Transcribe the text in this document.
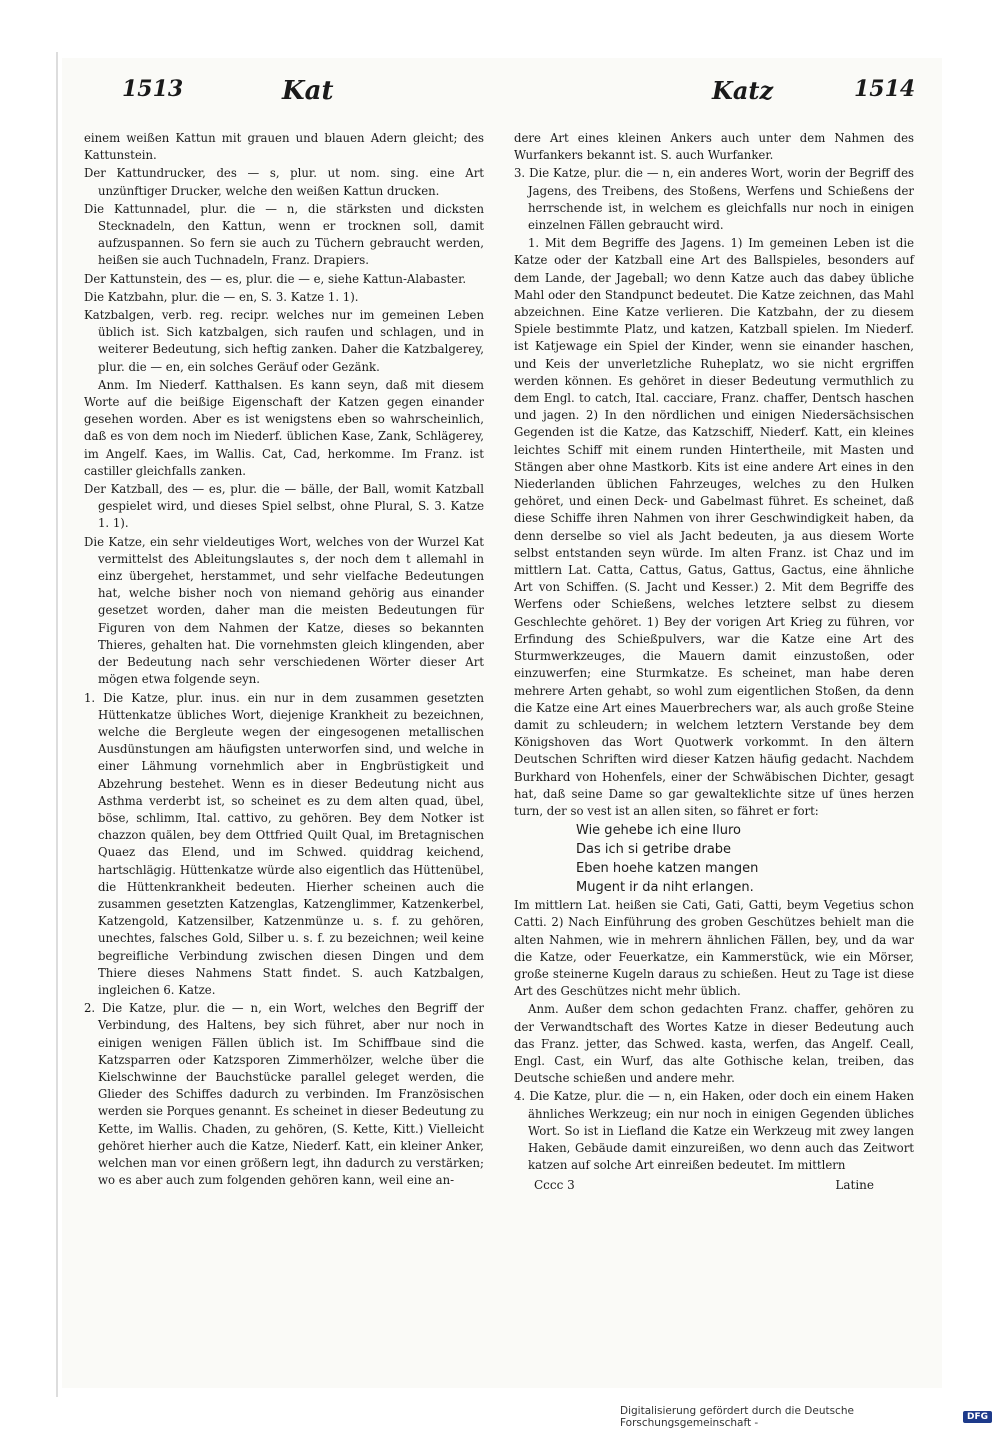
1513	Kat	Katz	1514

einem weißen Kattun mit grauen und blauen Adern gleicht; des Kattunstein.

Der Kattundrucker, des — s, plur. ut nom. sing. eine Art unzünftiger Drucker, welche den weißen Kattun drucken.

Die Kattunnadel, plur. die — n, die stärksten und dicksten Stecknadeln, den Kattun, wenn er trocknen soll, damit aufzuspannen. So fern sie auch zu Tüchern gebraucht werden, heißen sie auch Tuchnadeln, Franz. Drapiers.

Der Kattunstein, des — es, plur. die — e, siehe Kattun-Alabaster.

Die Katzbahn, plur. die — en, S. 3. Katze 1. 1).

Katzbalgen, verb. reg. recipr. welches nur im gemeinen Leben üblich ist. Sich katzbalgen, sich raufen und schlagen, und in weiterer Bedeutung, sich heftig zanken. Daher die Katzbalgerey, plur. die — en, ein solches Geräuf oder Gezänk.

Anm. Im Niederf. Katthalsen. Es kann seyn, daß mit diesem Worte auf die beißige Eigenschaft der Katzen gegen einander gesehen worden. Aber es ist wenigstens eben so wahrscheinlich, daß es von dem noch im Niederf. üblichen Kase, Zank, Schlägerey, im Angelf. Kaes, im Wallis. Cat, Cad, herkomme. Im Franz. ist castiller gleichfalls zanken.

Der Katzball, des — es, plur. die — bälle, der Ball, womit Katzball gespielet wird, und dieses Spiel selbst, ohne Plural, S. 3. Katze 1. 1).

Die Katze, ein sehr vieldeutiges Wort, welches von der Wurzel Kat vermittelst des Ableitungslautes s, der noch dem t allemahl in einz übergehet, herstammet, und sehr vielfache Bedeutungen hat, welche bisher noch von niemand gehörig aus einander gesetzet worden, daher man die meisten Bedeutungen für Figuren von dem Nahmen der Katze, dieses so bekannten Thieres, gehalten hat. Die vornehmsten gleich klingenden, aber der Bedeutung nach sehr verschiedenen Wörter dieser Art mögen etwa folgende seyn.

1. Die Katze, plur. inus. ein nur in dem zusammen gesetzten Hüttenkatze übliches Wort, diejenige Krankheit zu bezeichnen, welche die Bergleute wegen der eingesogenen metallischen Ausdünstungen am häufigsten unterworfen sind, und welche in einer Lähmung vornehmlich aber in Engbrüstigkeit und Abzehrung bestehet. Wenn es in dieser Bedeutung nicht aus Asthma verderbt ist, so scheinet es zu dem alten quad, übel, böse, schlimm, Ital. cattivo, zu gehören. Bey dem Notker ist chazzon quälen, bey dem Ottfried Quilt Qual, im Bretagnischen Quaez das Elend, und im Schwed. quiddrag keichend, hartschlägig. Hüttenkatze würde also eigentlich das Hüttenübel, die Hüttenkrankheit bedeuten. Hierher scheinen auch die zusammen gesetzten Katzenglas, Katzenglimmer, Katzenkerbel, Katzengold, Katzensilber, Katzenmünze u. s. f. zu gehören, unechtes, falsches Gold, Silber u. s. f. zu bezeichnen; weil keine begreifliche Verbindung zwischen diesen Dingen und dem Thiere dieses Nahmens Statt findet. S. auch Katzbalgen, ingleichen 6. Katze.

2. Die Katze, plur. die — n, ein Wort, welches den Begriff der Verbindung, des Haltens, bey sich führet, aber nur noch in einigen wenigen Fällen üblich ist. Im Schiffbaue sind die Katzsparren oder Katzsporen Zimmerhölzer, welche über die Kielschwinne der Bauchstücke parallel geleget werden, die Glieder des Schiffes dadurch zu verbinden. Im Französischen werden sie Porques genannt. Es scheinet in dieser Bedeutung zu Kette, im Wallis. Chaden, zu gehören, (S. Kette, Kitt.) Vielleicht gehöret hierher auch die Katze, Niederf. Katt, ein kleiner Anker, welchen man vor einen größern legt, ihn dadurch zu verstärken; wo es aber auch zum folgenden gehören kann, weil eine an-

dere Art eines kleinen Ankers auch unter dem Nahmen des Wurfankers bekannt ist. S. auch Wurfanker.

3. Die Katze, plur. die — n, ein anderes Wort, worin der Begriff des Jagens, des Treibens, des Stoßens, Werfens und Schießens der herrschende ist, in welchem es gleichfalls nur noch in einigen einzelnen Fällen gebraucht wird.

1. Mit dem Begriffe des Jagens. 1) Im gemeinen Leben ist die Katze oder der Katzball eine Art des Ballspieles, besonders auf dem Lande, der Jageball; wo denn Katze auch das dabey übliche Mahl oder den Standpunct bedeutet. Die Katze zeichnen, das Mahl abzeichnen. Eine Katze verlieren. Die Katzbahn, der zu diesem Spiele bestimmte Platz, und katzen, Katzball spielen. Im Niederf. ist Katjewage ein Spiel der Kinder, wenn sie einander haschen, und Keis der unverletzliche Ruheplatz, wo sie nicht ergriffen werden können. Es gehöret in dieser Bedeutung vermuthlich zu dem Engl. to catch, Ital. cacciare, Franz. chaffer, Dentsch haschen und jagen. 2) In den nördlichen und einigen Niedersächsischen Gegenden ist die Katze, das Katzschiff, Niederf. Katt, ein kleines leichtes Schiff mit einem runden Hintertheile, mit Masten und Stängen aber ohne Mastkorb. Kits ist eine andere Art eines in den Niederlanden üblichen Fahrzeuges, welches zu den Hulken gehöret, und einen Deck- und Gabelmast führet. Es scheinet, daß diese Schiffe ihren Nahmen von ihrer Geschwindigkeit haben, da denn derselbe so viel als Jacht bedeuten, ja aus diesem Worte selbst entstanden seyn würde. Im alten Franz. ist Chaz und im mittlern Lat. Catta, Cattus, Gatus, Gattus, Gactus, eine ähnliche Art von Schiffen. (S. Jacht und Kesser.) 2. Mit dem Begriffe des Werfens oder Schießens, welches letztere selbst zu diesem Geschlechte gehöret. 1) Bey der vorigen Art Krieg zu führen, vor Erfindung des Schießpulvers, war die Katze eine Art des Sturmwerkzeuges, die Mauern damit einzustoßen, oder einzuwerfen; eine Sturmkatze. Es scheinet, man habe deren mehrere Arten gehabt, so wohl zum eigentlichen Stoßen, da denn die Katze eine Art eines Mauerbrechers war, als auch große Steine damit zu schleudern; in welchem letztern Verstande bey dem Königshoven das Wort Quotwerk vorkommt. In den ältern Deutschen Schriften wird dieser Katzen häufig gedacht. Nachdem Burkhard von Hohenfels, einer der Schwäbischen Dichter, gesagt hat, daß seine Dame so gar gewalteklichte sitze uf ünes herzen turn, der so vest ist an allen siten, so fähret er fort:

Wie gehebe ich eine Iluro
Das ich si getribe drabe
Eben hoehe katzen mangen
Mugent ir da niht erlangen.

Im mittlern Lat. heißen sie Cati, Gati, Gatti, beym Vegetius schon Catti. 2) Nach Einführung des groben Geschützes behielt man die alten Nahmen, wie in mehrern ähnlichen Fällen, bey, und da war die Katze, oder Feuerkatze, ein Kammerstück, wie ein Mörser, große steinerne Kugeln daraus zu schießen. Heut zu Tage ist diese Art des Geschützes nicht mehr üblich.

Anm. Außer dem schon gedachten Franz. chaffer, gehören zu der Verwandtschaft des Wortes Katze in dieser Bedeutung auch das Franz. jetter, das Schwed. kasta, werfen, das Angelf. Ceall, Engl. Cast, ein Wurf, das alte Gothische kelan, treiben, das Deutsche schießen und andere mehr.

4. Die Katze, plur. die — n, ein Haken, oder doch ein einem Haken ähnliches Werkzeug; ein nur noch in einigen Gegenden übliches Wort. So ist in Liefland die Katze ein Werkzeug mit zwey langen Haken, Gebäude damit einzureißen, wo denn auch das Zeitwort katzen auf solche Art einreißen bedeutet. Im mittlern

Cccc 3	Latine
Digitalisierung gefördert durch die Deutsche Forschungsgemeinschaft -	DFG
